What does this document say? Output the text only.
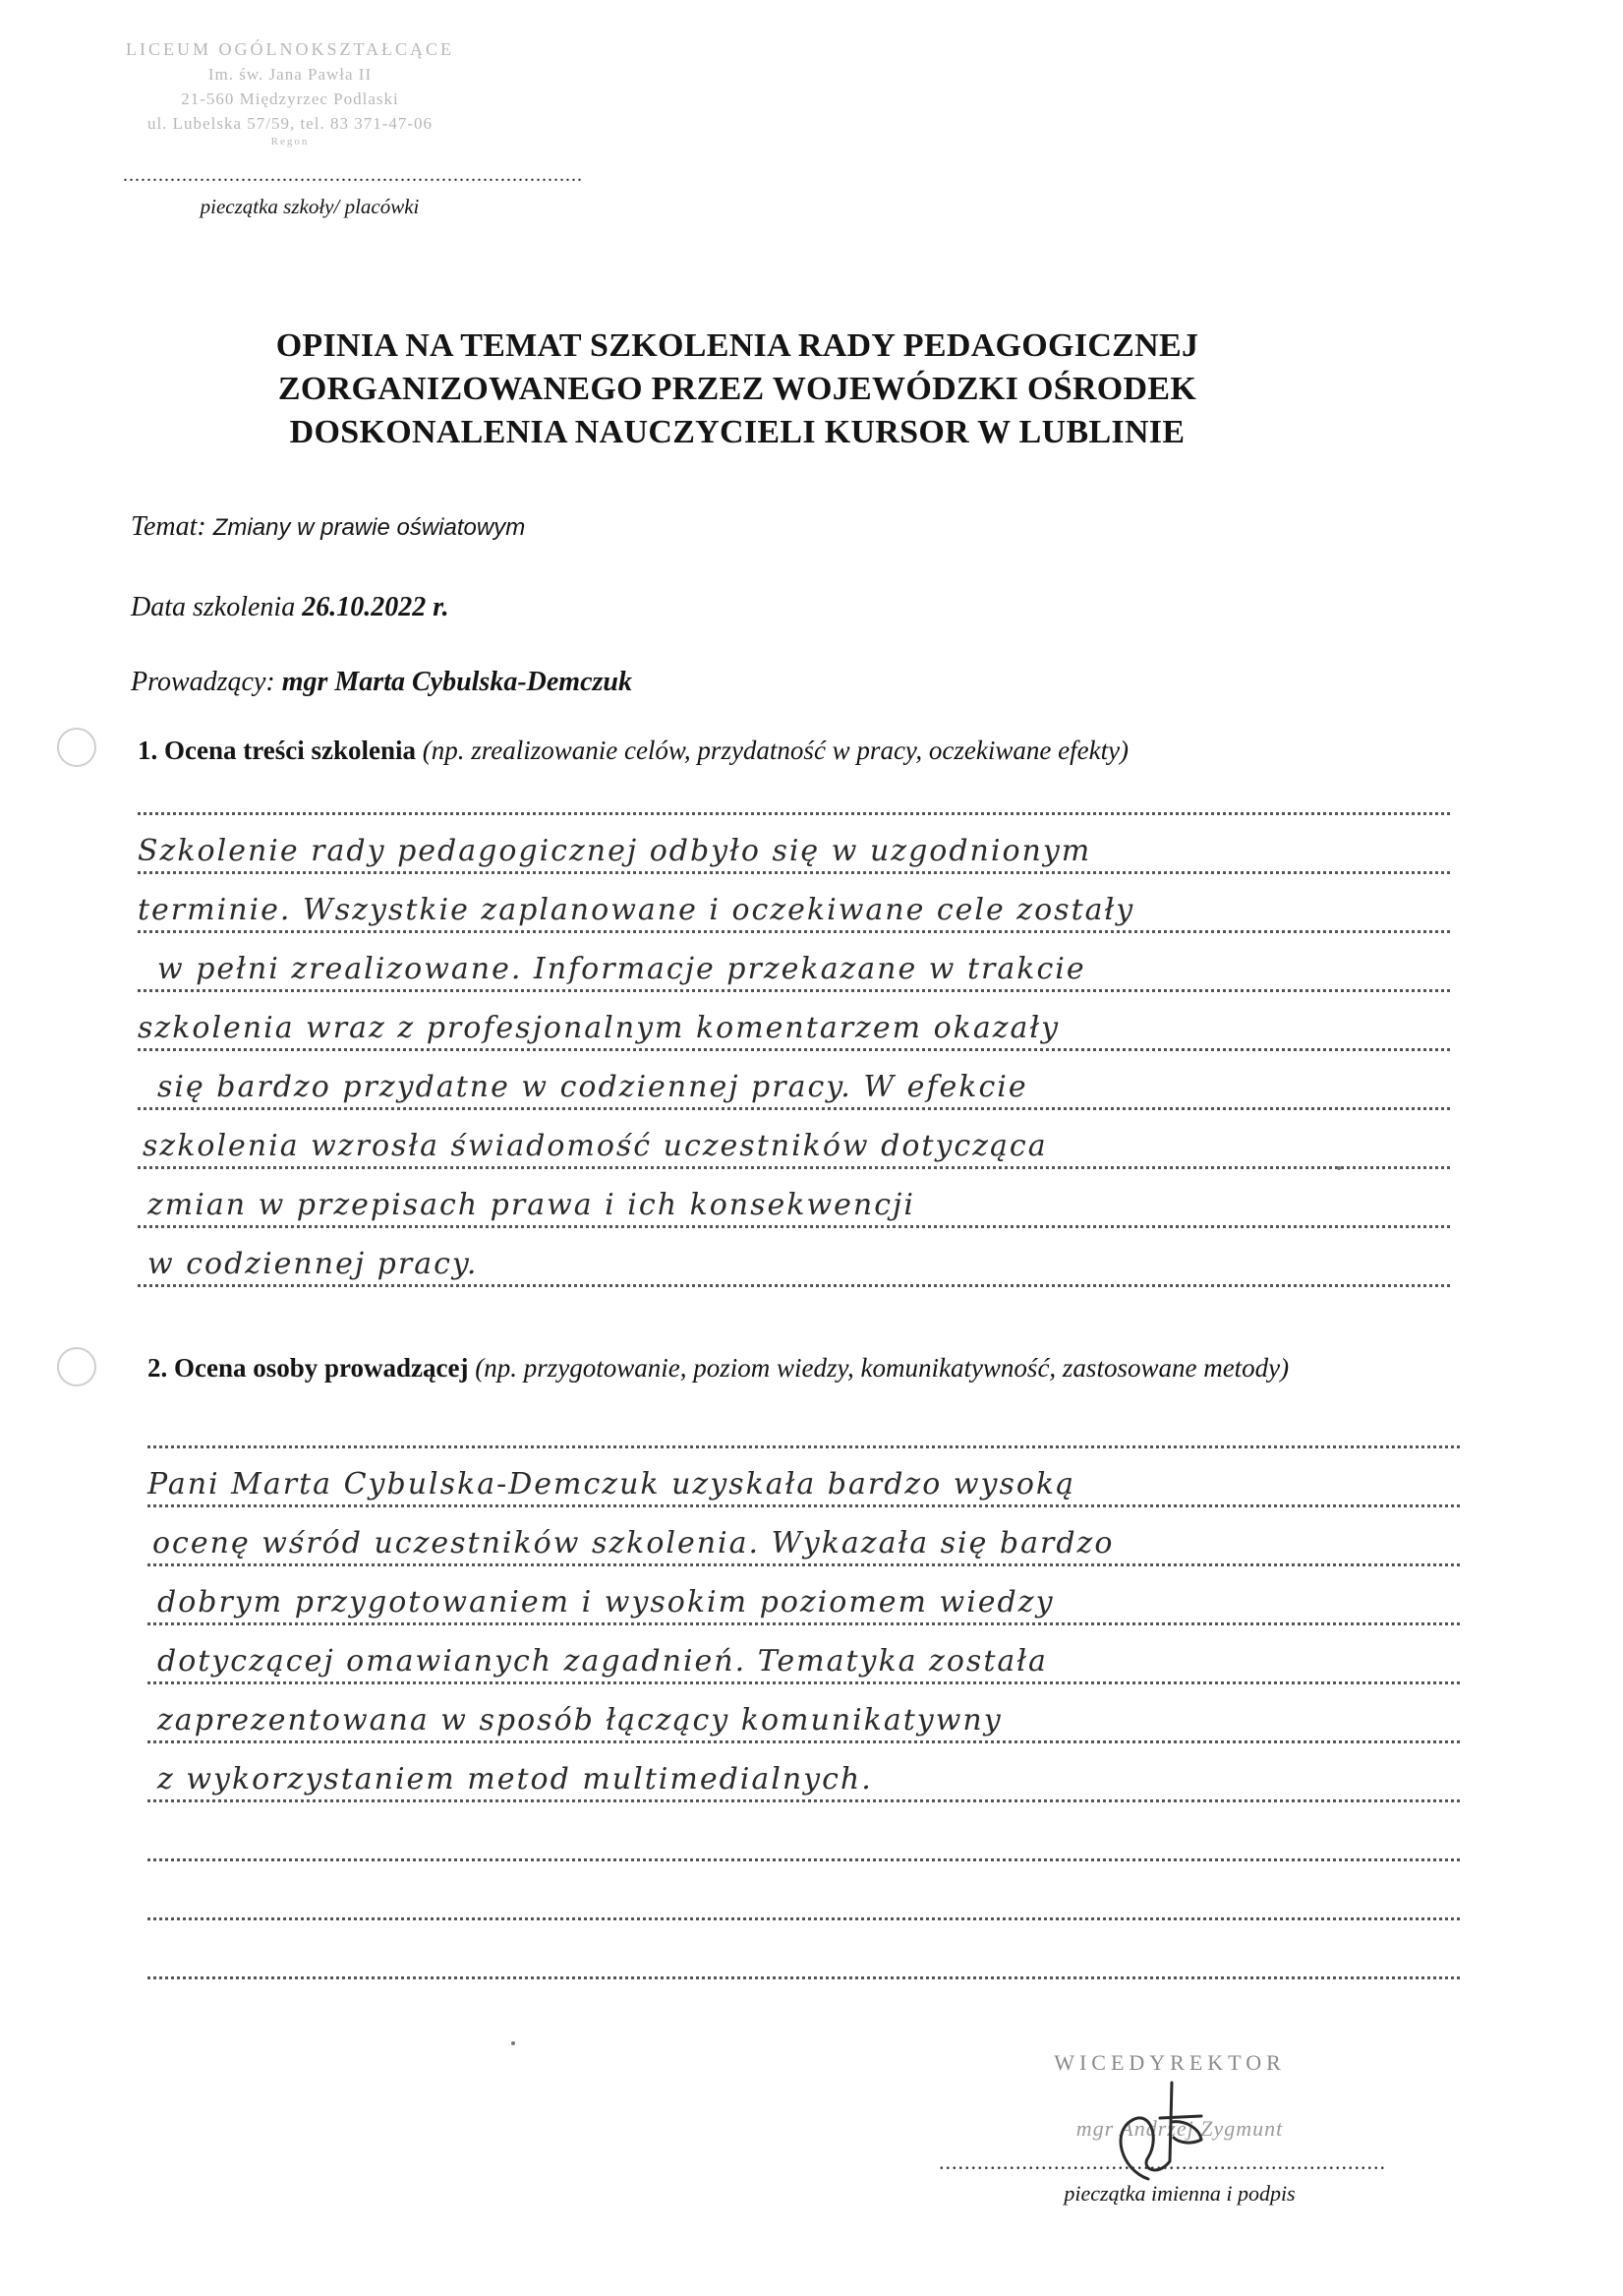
LICEUM OGÓLNOKSZTAŁCĄCE
Im. św. Jana Pawła II
21-560 Międzyrzec Podlaski
ul. Lubelska 57/59, tel. 83 371-47-06
Regon
..............................................................................
pieczątka szkoły/ placówki
OPINIA NA TEMAT SZKOLENIA RADY PEDAGOGICZNEJ
ZORGANIZOWANEGO PRZEZ WOJEWÓDZKI OŚRODEK
DOSKONALENIA NAUCZYCIELI KURSOR W LUBLINIE
Temat: Zmiany w prawie oświatowym
Data szkolenia 26.10.2022 r.
Prowadzący: mgr Marta Cybulska-Demczuk
1. Ocena treści szkolenia (np. zrealizowanie celów, przydatność w pracy, oczekiwane efekty)
Szkolenie rady pedagogicznej odbyło się w uzgodnionym
terminie. Wszystkie zaplanowane i oczekiwane cele zostały
w pełni zrealizowane. Informacje przekazane w trakcie
szkolenia wraz z profesjonalnym komentarzem okazały
się bardzo przydatne w codziennej pracy. W efekcie
szkolenia wzrosła świadomość uczestników dotycząca
zmian w przepisach prawa i ich konsekwencji
w codziennej pracy.
2. Ocena osoby prowadzącej (np. przygotowanie, poziom wiedzy, komunikatywność, zastosowane metody)
Pani Marta Cybulska-Demczuk uzyskała bardzo wysoką
ocenę wśród uczestników szkolenia. Wykazała się bardzo
dobrym przygotowaniem i wysokim poziomem wiedzy
dotyczącej omawianych zagadnień. Tematyka została
zaprezentowana w sposób łączący komunikatywny
z wykorzystaniem metod multimedialnych.
WICEDYREKTOR
mgr Andrzej Zygmunt
......................................................................
pieczątka imienna i podpis
